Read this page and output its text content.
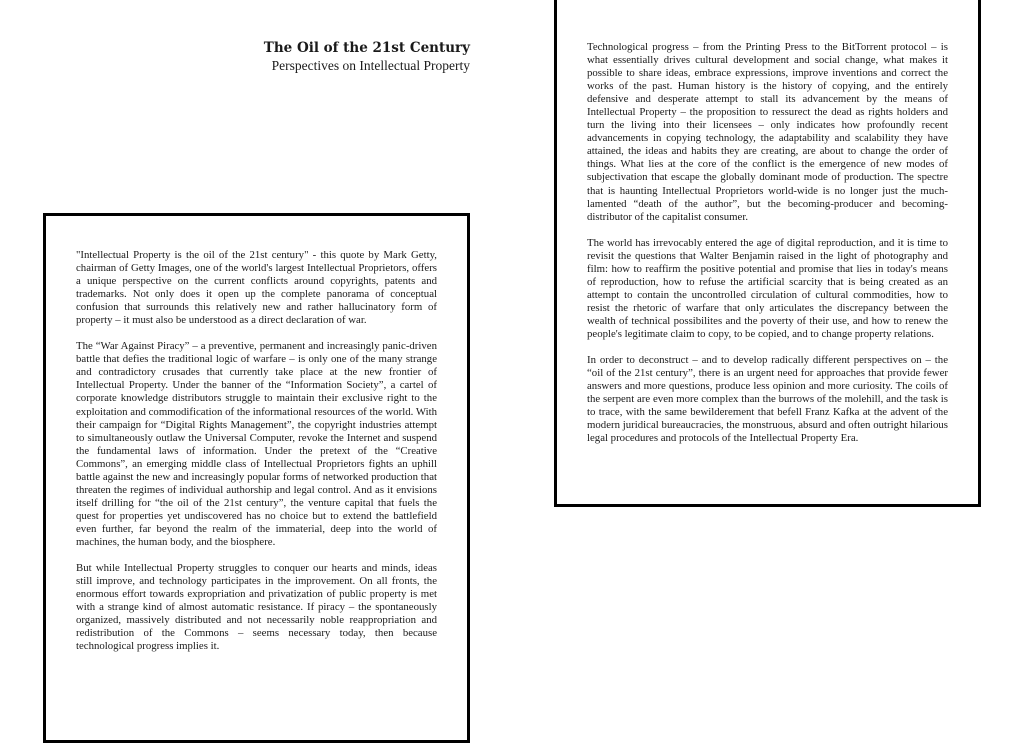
The Oil of the 21st Century
Perspectives on Intellectual Property

"Intellectual Property is the oil of the 21st century" - this quote by Mark Getty, chairman of Getty Images, one of the world's largest Intellectual Proprietors, offers a unique perspective on the current conflicts around copyrights, patents and trademarks. Not only does it open up the complete panorama of conceptual confusion that surrounds this relatively new and rather hallucinatory form of property – it must also be understood as a direct declaration of war.

The “War Against Piracy” – a preventive, permanent and increasingly panic-driven battle that defies the traditional logic of warfare – is only one of the many strange and contradictory crusades that currently take place at the new frontier of Intellectual Property. Under the banner of the “Information Society”, a cartel of corporate knowledge distributors struggle to maintain their exclusive right to the exploitation and commodification of the informational resources of the world. With their campaign for “Digital Rights Management”, the copyright industries attempt to simultaneously outlaw the Universal Computer, revoke the Internet and suspend the fundamental laws of information. Under the pretext of the “Creative Commons”, an emerging middle class of Intellectual Proprietors fights an uphill battle against the new and increasingly popular forms of networked production that threaten the regimes of individual authorship and legal control. And as it envisions itself drilling for “the oil of the 21st century”, the venture capital that fuels the quest for properties yet undiscovered has no choice but to extend the battlefield even further, far beyond the realm of the immaterial, deep into the world of machines, the human body, and the biosphere.

But while Intellectual Property struggles to conquer our hearts and minds, ideas still improve, and technology participates in the improvement. On all fronts, the enormous effort towards expropriation and privatization of public property is met with a strange kind of almost automatic resistance. If piracy – the spontaneously organized, massively distributed and not necessarily noble reappropriation and redistribution of the Commons – seems necessary today, then because technological progress implies it.

Technological progress – from the Printing Press to the BitTorrent protocol – is what essentially drives cultural development and social change, what makes it possible to share ideas, embrace expressions, improve inventions and correct the works of the past. Human history is the history of copying, and the entirely defensive and desperate attempt to stall its advancement by the means of Intellectual Property – the proposition to ressurect the dead as rights holders and turn the living into their licensees – only indicates how profoundly recent advancements in copying technology, the adaptability and scalability they have attained, the ideas and habits they are creating, are about to change the order of things. What lies at the core of the conflict is the emergence of new modes of subjectivation that escape the globally dominant mode of production. The spectre that is haunting Intellectual Proprietors world-wide is no longer just the much-lamented “death of the author”, but the becoming-producer and becoming-distributor of the capitalist consumer.

The world has irrevocably entered the age of digital reproduction, and it is time to revisit the questions that Walter Benjamin raised in the light of photography and film: how to reaffirm the positive potential and promise that lies in today's means of reproduction, how to refuse the artificial scarcity that is being created as an attempt to contain the uncontrolled circulation of cultural commodities, how to resist the rhetoric of warfare that only articulates the discrepancy between the wealth of technical possibilites and the poverty of their use, and how to renew the people's legitimate claim to copy, to be copied, and to change property relations.

In order to deconstruct – and to develop radically different perspectives on – the “oil of the 21st century”, there is an urgent need for approaches that provide fewer answers and more questions, produce less opinion and more curiosity. The coils of the serpent are even more complex than the burrows of the molehill, and the task is to trace, with the same bewilderement that befell Franz Kafka at the advent of the modern juridical bureaucracies, the monstruous, absurd and often outright hilarious legal procedures and protocols of the Intellectual Property Era.
